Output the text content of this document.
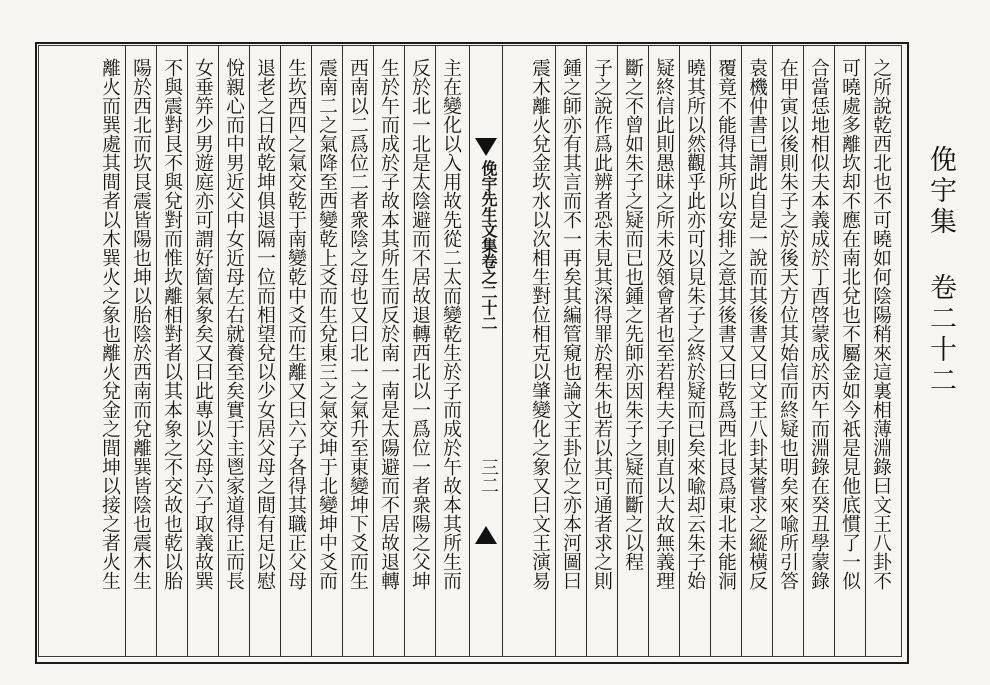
俛宇集 卷二十二
俛宇先生文集卷之二十二
三二	之所說乾西北也不可曉如何陰陽稍來這裏相薄淵錄曰文王八卦不
可曉處多離坎却不應在南北兌也不屬金如今祇是見他底慣了一似
合當恁地相似夫本義成於丁酉啓蒙成於丙午而淵錄在癸丑學蒙錄
在甲寅以後則朱子之於後天方位其始信而終疑也明矣來喩所引答
袁機仲書已謂此自是一說而其後書又曰文王八卦某嘗求之縱橫反
覆竟不能得其所以安排之意其後書又曰乾爲西北艮爲東北未能洞
曉其所以然觀乎此亦可以見朱子之終於疑而已矣來喩却云朱子始
疑終信此則愚昧之所未及領會者也至若程夫子則直以大故無義理
斷之不曾如朱子之疑而已也鍾之先師亦因朱子之疑而斷之以程
子之說作爲此辨者恐未見其深得罪於程朱也若以其可通者求之則
鍾之師亦有其言而不一再矣其編管窺也論文王卦位之亦本河圖曰
震木離火兌金坎水以次相生對位相克以肇變化之象又曰文王演易
主在變化以入用故先從二太而變乾生於子而成於午故本其所生而
反於北一北是太陰避而不居故退轉西北以一爲位一者衆陽之父坤
生於午而成於子故本其所生而反於南一南是太陽避而不居故退轉
西南以二爲位二者衆陰之母也又曰北一之氣升至東變坤下爻而生
震南二之氣降至西變乾上爻而生兌東三之氣交坤于北變坤中爻而
生坎西四之氣交乾于南變乾中爻而生離又曰六子各得其職正父母
退老之日故乾坤俱退隔一位而相望兌以少女居父母之間有足以慰
悅親心而中男近父中女近母左右就養至矣實于主鬯家道得正而長
女垂笄少男遊庭亦可謂好箇氣象矣又曰此專以父母六子取義故巽
不與震對艮不與兌對而惟坎離相對者以其本象之不交故也乾以胎
陽於西北而坎艮震皆陽也坤以胎陰於西南而兌離巽皆陰也震木生
離火而巽處其間者以木巽火之象也離火兌金之間坤以接之者火生
